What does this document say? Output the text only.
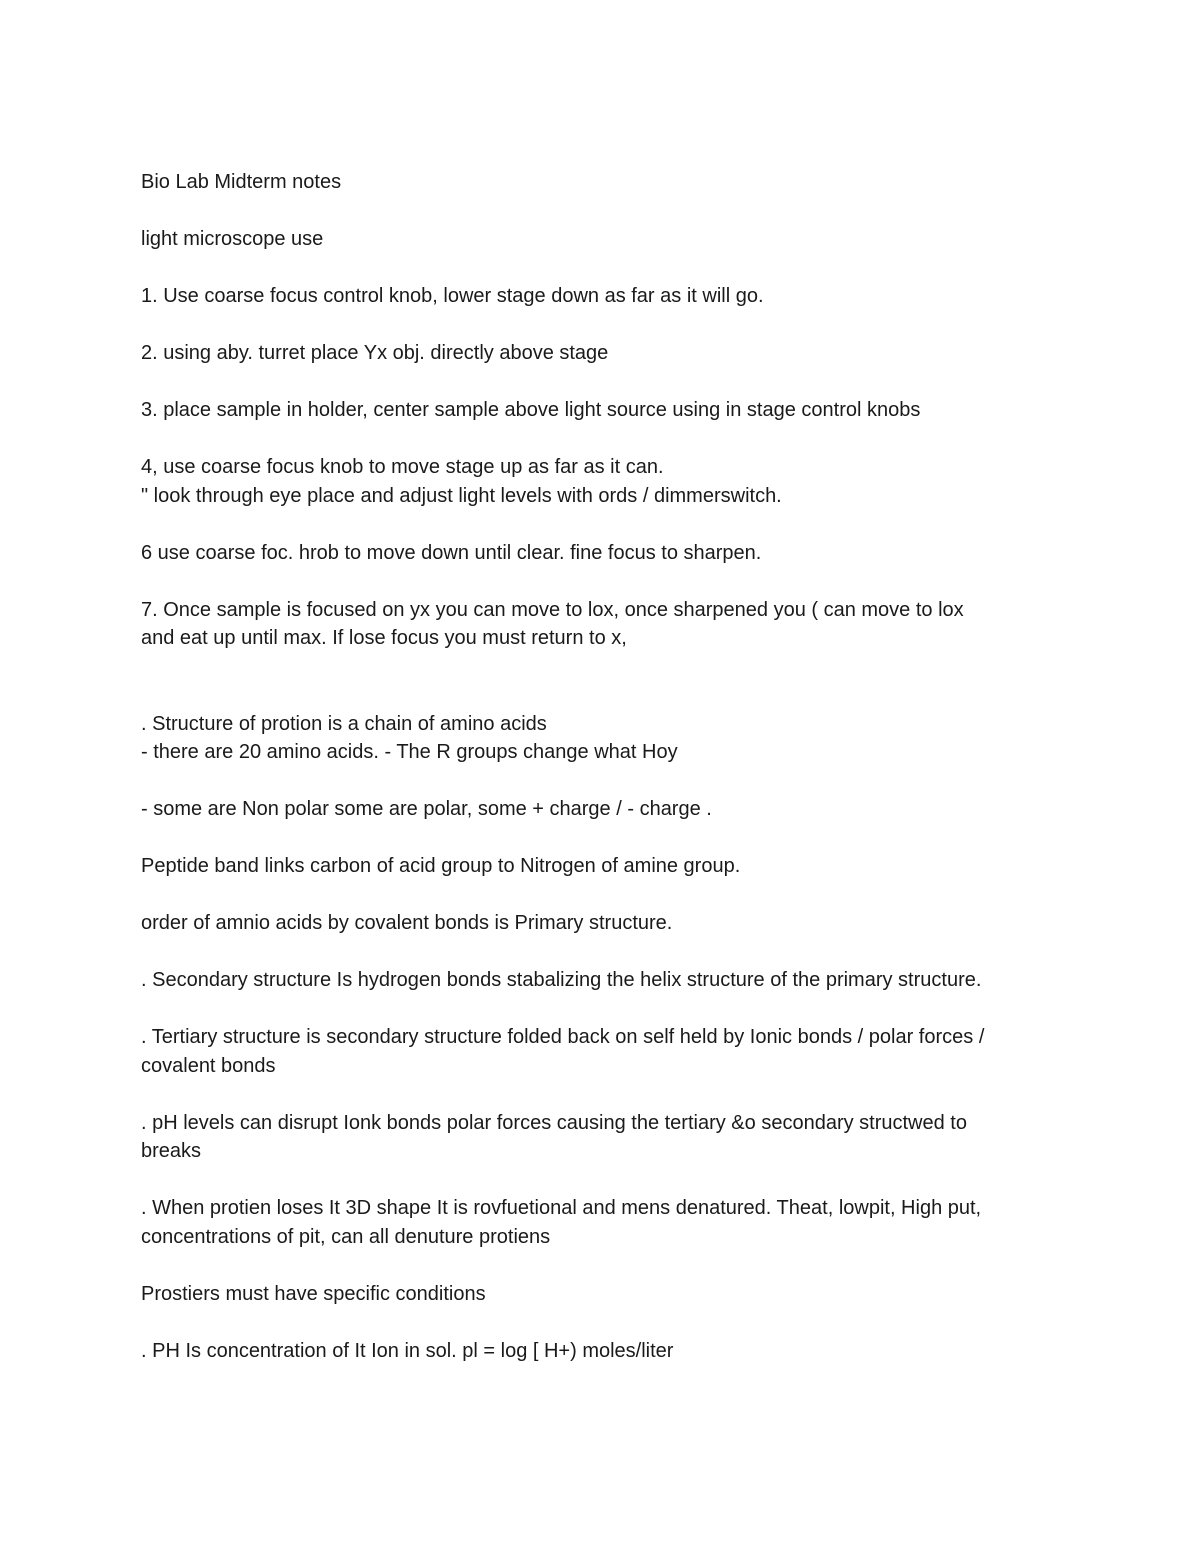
Bio Lab Midterm notes

light microscope use

1. Use coarse focus control knob, lower stage down as far as it will go.

2. using aby. turret place Yx obj. directly above stage

3. place sample in holder, center sample above light source using in stage control knobs

4, use coarse focus knob to move stage up as far as it can.
" look through eye place and adjust light levels with ords / dimmerswitch.

6 use coarse foc. hrob to move down until clear. fine focus to sharpen.

7. Once sample is focused on yx you can move to lox, once sharpened you ( can move to lox
and eat up until max. If lose focus you must return to x,

. Structure of protion is a chain of amino acids
- there are 20 amino acids. - The R groups change what Hoy

- some are Non polar some are polar, some + charge / - charge .

Peptide band links carbon of acid group to Nitrogen of amine group.

order of amnio acids by covalent bonds is Primary structure.

. Secondary structure Is hydrogen bonds stabalizing the helix structure of the primary structure.

. Tertiary structure is secondary structure folded back on self held by Ionic bonds / polar forces /
covalent bonds

. pH levels can disrupt Ionk bonds polar forces causing the tertiary &o secondary structwed to
breaks

. When protien loses It 3D shape It is rovfuetional and mens denatured. Theat, lowpit, High put,
concentrations of pit, can all denuture protiens

Prostiers must have specific conditions

. PH Is concentration of It Ion in sol. pl = log [ H+) moles/liter
